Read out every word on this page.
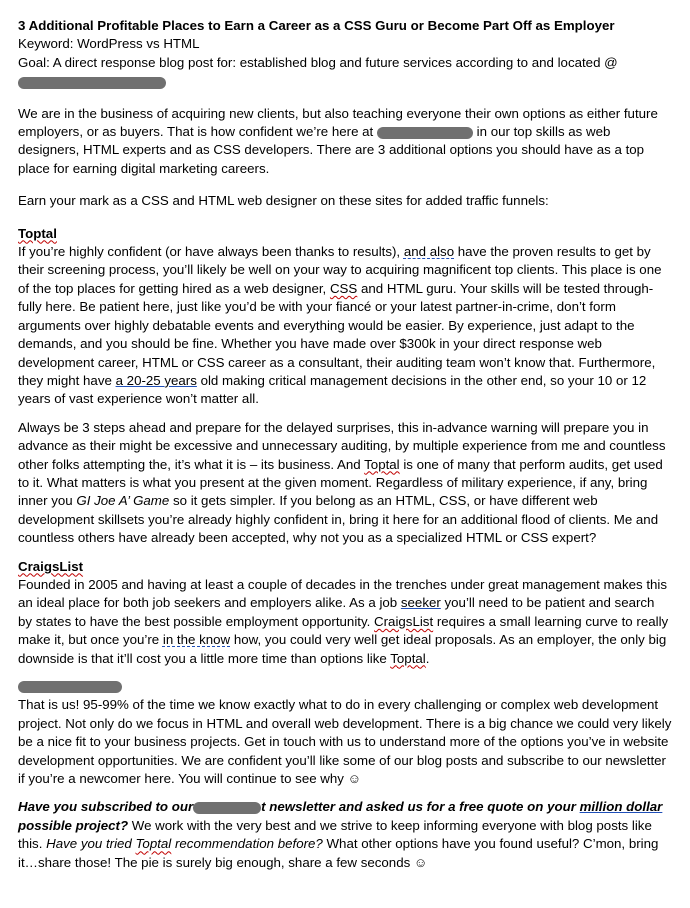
3 Additional Profitable Places to Earn a Career as a CSS Guru or Become Part Off as Employer

Keyword: WordPress vs HTML

Goal: A direct response blog post for: established blog and future services according to and located @

We are in the business of acquiring new clients, but also teaching everyone their own options as either future employers, or as buyers. That is how confident we’re here at	in our top skills as web designers, HTML experts and as CSS developers. There are 3 additional options you should have as a top place for earning digital marketing careers.

Earn your mark as a CSS and HTML web designer on these sites for added traffic funnels:

Toptal

If you’re highly confident (or have always been thanks to results), and also have the proven results to get by their screening process, you’ll likely be well on your way to acquiring magnificent top clients. This place is one of the top places for getting hired as a web designer, CSS and HTML guru. Your skills will be tested through-fully here. Be patient here, just like you’d be with your fiancé or your latest partner-in-crime, don’t form arguments over highly debatable events and everything would be easier. By experience, just adapt to the demands, and you should be fine. Whether you have made over $300k in your direct response web development career, HTML or CSS career as a consultant, their auditing team won’t know that. Furthermore, they might have a 20-25 years old making critical management decisions in the other end, so your 10 or 12 years of vast experience won’t matter all.

Always be 3 steps ahead and prepare for the delayed surprises, this in-advance warning will prepare you in advance as their might be excessive and unnecessary auditing, by multiple experience from me and countless other folks attempting the, it’s what it is – its business. And Toptal is one of many that perform audits, get used to it. What matters is what you present at the given moment. Regardless of military experience, if any, bring inner you GI Joe A’ Game so it gets simpler. If you belong as an HTML, CSS, or have different web development skillsets you’re already highly confident in, bring it here for an additional flood of clients. Me and countless others have already been accepted, why not you as a specialized HTML or CSS expert?

CraigsList

Founded in 2005 and having at least a couple of decades in the trenches under great management makes this an ideal place for both job seekers and employers alike. As a job seeker you’ll need to be patient and search by states to have the best possible employment opportunity. CraigsList requires a small learning curve to really make it, but once you’re in the know how, you could very well get ideal proposals. As an employer, the only big downside is that it’ll cost you a little more time than options like Toptal.

That is us! 95-99% of the time we know exactly what to do in every challenging or complex web development project. Not only do we focus in HTML and overall web development. There is a big chance we could very likely be a nice fit to your business projects. Get in touch with us to understand more of the options you’ve in website development opportunities. We are confident you’ll like some of our blog posts and subscribe to our newsletter if you’re a newcomer here. You will continue to see why ☺

Have you subscribed to our	t newsletter and asked us for a free quote on your million dollar possible project? We work with the very best and we strive to keep informing everyone with blog posts like this. Have you tried Toptal recommendation before? What other options have you found useful? C’mon, bring it…share those! The pie is surely big enough, share a few seconds ☺
